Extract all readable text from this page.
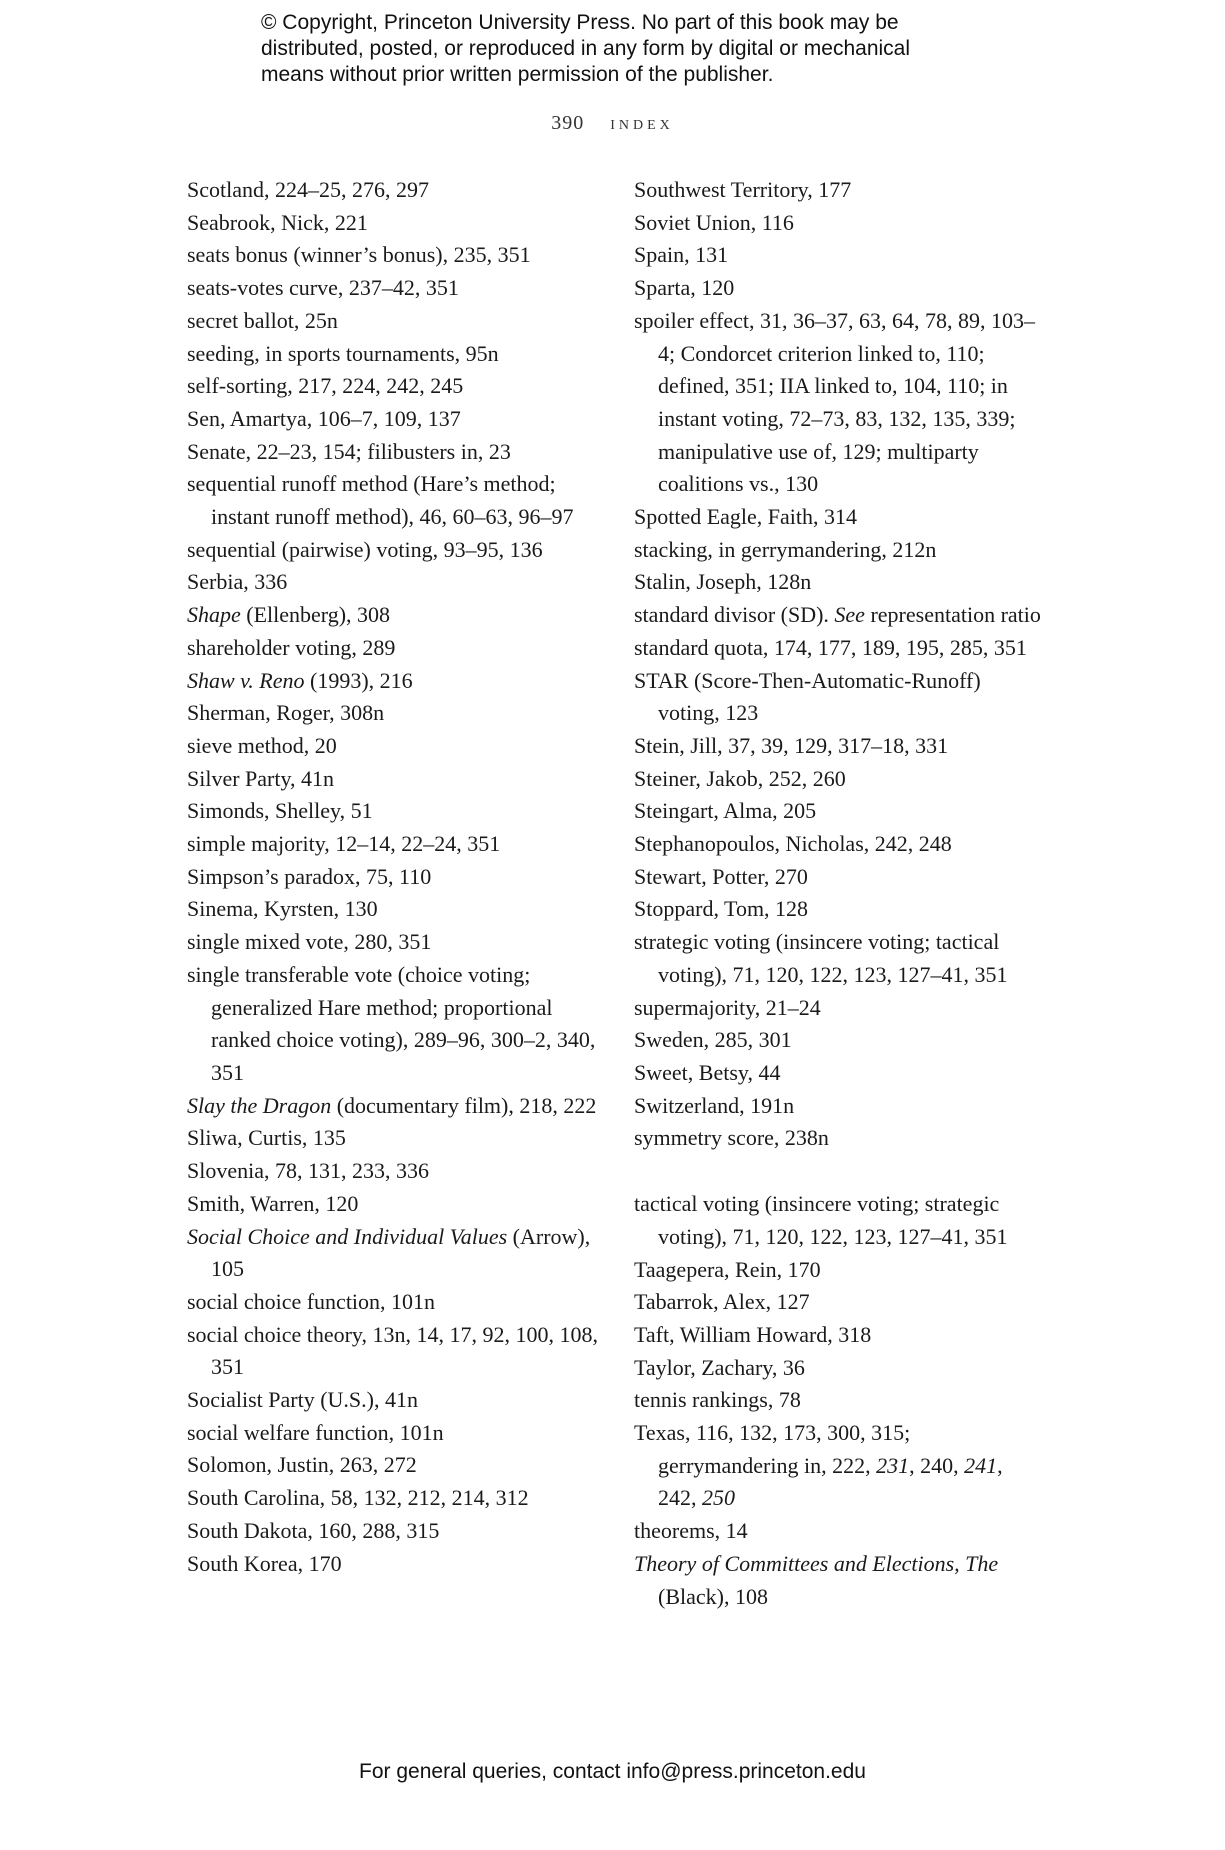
© Copyright, Princeton University Press. No part of this book may be

distributed, posted, or reproduced in any form by digital or mechanical

means without prior written permission of the publisher.

390 index
Scotland, 224–25, 276, 297
Seabrook, Nick, 221
seats bonus (winner’s bonus), 235, 351
seats-votes curve, 237–42, 351
secret ballot, 25n
seeding, in sports tournaments, 95n
self-sorting, 217, 224, 242, 245
Sen, Amartya, 106–7, 109, 137
Senate, 22–23, 154; filibusters in, 23
sequential runoff method (Hare’s method; instant runoff method), 46, 60–63, 96–97
sequential (pairwise) voting, 93–95, 136
Serbia, 336
Shape (Ellenberg), 308
shareholder voting, 289
Shaw v. Reno (1993), 216
Sherman, Roger, 308n
sieve method, 20
Silver Party, 41n
Simonds, Shelley, 51
simple majority, 12–14, 22–24, 351
Simpson’s paradox, 75, 110
Sinema, Kyrsten, 130
single mixed vote, 280, 351
single transferable vote (choice voting; generalized Hare method; proportional ranked choice voting), 289–96, 300–2, 340, 351
Slay the Dragon (documentary film), 218, 222
Sliwa, Curtis, 135
Slovenia, 78, 131, 233, 336
Smith, Warren, 120
Social Choice and Individual Values (Arrow), 105
social choice function, 101n
social choice theory, 13n, 14, 17, 92, 100, 108, 351
Socialist Party (U.S.), 41n
social welfare function, 101n
Solomon, Justin, 263, 272
South Carolina, 58, 132, 212, 214, 312
South Dakota, 160, 288, 315
South Korea, 170
Southwest Territory, 177
Soviet Union, 116
Spain, 131
Sparta, 120
spoiler effect, 31, 36–37, 63, 64, 78, 89, 103–4; Condorcet criterion linked to, 110; defined, 351; IIA linked to, 104, 110; in instant voting, 72–73, 83, 132, 135, 339; manipulative use of, 129; multiparty coalitions vs., 130
Spotted Eagle, Faith, 314
stacking, in gerrymandering, 212n
Stalin, Joseph, 128n
standard divisor (SD). See representation ratio
standard quota, 174, 177, 189, 195, 285, 351
STAR (Score-Then-Automatic-Runoff) voting, 123
Stein, Jill, 37, 39, 129, 317–18, 331
Steiner, Jakob, 252, 260
Steingart, Alma, 205
Stephanopoulos, Nicholas, 242, 248
Stewart, Potter, 270
Stoppard, Tom, 128
strategic voting (insincere voting; tactical voting), 71, 120, 122, 123, 127–41, 351
supermajority, 21–24
Sweden, 285, 301
Sweet, Betsy, 44
Switzerland, 191n
symmetry score, 238n
tactical voting (insincere voting; strategic voting), 71, 120, 122, 123, 127–41, 351
Taagepera, Rein, 170
Tabarrok, Alex, 127
Taft, William Howard, 318
Taylor, Zachary, 36
tennis rankings, 78
Texas, 116, 132, 173, 300, 315; gerrymandering in, 222, 231, 240, 241, 242, 250
theorems, 14
Theory of Committees and Elections, The (Black), 108
For general queries, contact info@press.princeton.edu
